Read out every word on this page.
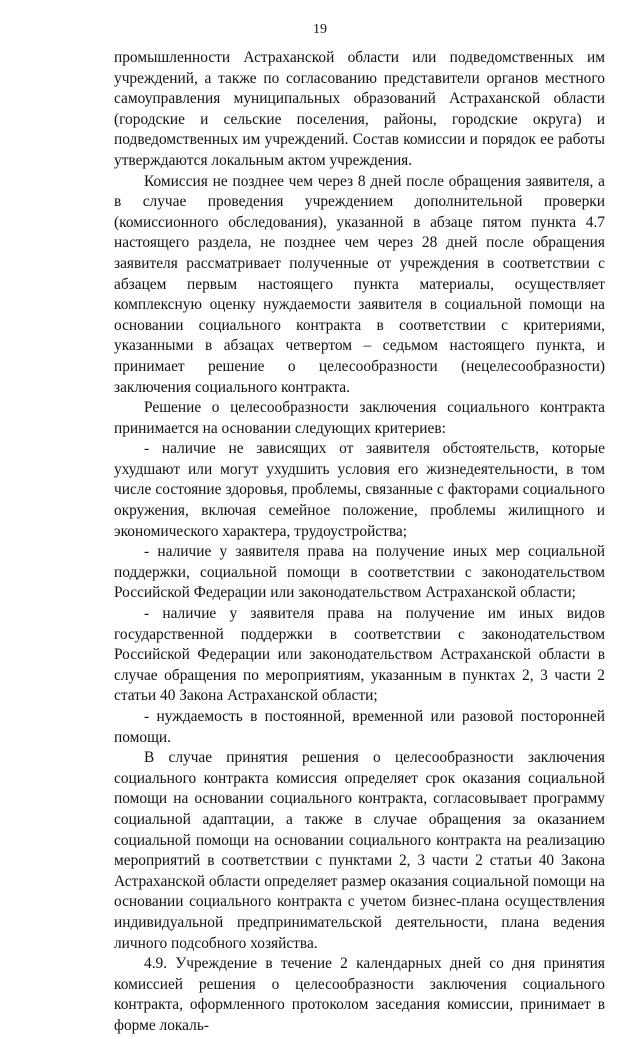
19

промышленности Астраханской области или подведомственных им учреждений, а также по согласованию представители органов местного самоуправления муниципальных образований Астраханской области (городские и сельские поселения, районы, городские округа) и подведомственных им учреждений. Состав комиссии и порядок ее работы утверждаются локальным актом учреждения.

Комиссия не позднее чем через 8 дней после обращения заявителя, а в случае проведения учреждением дополнительной проверки (комиссионного обследования), указанной в абзаце пятом пункта 4.7 настоящего раздела, не позднее чем через 28 дней после обращения заявителя рассматривает полученные от учреждения в соответствии с абзацем первым настоящего пункта материалы, осуществляет комплексную оценку нуждаемости заявителя в социальной помощи на основании социального контракта в соответствии с критериями, указанными в абзацах четвертом – седьмом настоящего пункта, и принимает решение о целесообразности (нецелесообразности) заключения социального контракта.

Решение о целесообразности заключения социального контракта принимается на основании следующих критериев:

- наличие не зависящих от заявителя обстоятельств, которые ухудшают или могут ухудшить условия его жизнедеятельности, в том числе состояние здоровья, проблемы, связанные с факторами социального окружения, включая семейное положение, проблемы жилищного и экономического характера, трудоустройства;

- наличие у заявителя права на получение иных мер социальной поддержки, социальной помощи в соответствии с законодательством Российской Федерации или законодательством Астраханской области;

- наличие у заявителя права на получение им иных видов государственной поддержки в соответствии с законодательством Российской Федерации или законодательством Астраханской области в случае обращения по мероприятиям, указанным в пунктах 2, 3 части 2 статьи 40 Закона Астраханской области;

- нуждаемость в постоянной, временной или разовой посторонней помощи.

В случае принятия решения о целесообразности заключения социального контракта комиссия определяет срок оказания социальной помощи на основании социального контракта, согласовывает программу социальной адаптации, а также в случае обращения за оказанием социальной помощи на основании социального контракта на реализацию мероприятий в соответствии с пунктами 2, 3 части 2 статьи 40 Закона Астраханской области определяет размер оказания социальной помощи на основании социального контракта с учетом бизнес-плана осуществления индивидуальной предпринимательской деятельности, плана ведения личного подсобного хозяйства.

4.9. Учреждение в течение 2 календарных дней со дня принятия комиссией решения о целесообразности заключения социального контракта, оформленного протоколом заседания комиссии, принимает в форме локаль-
